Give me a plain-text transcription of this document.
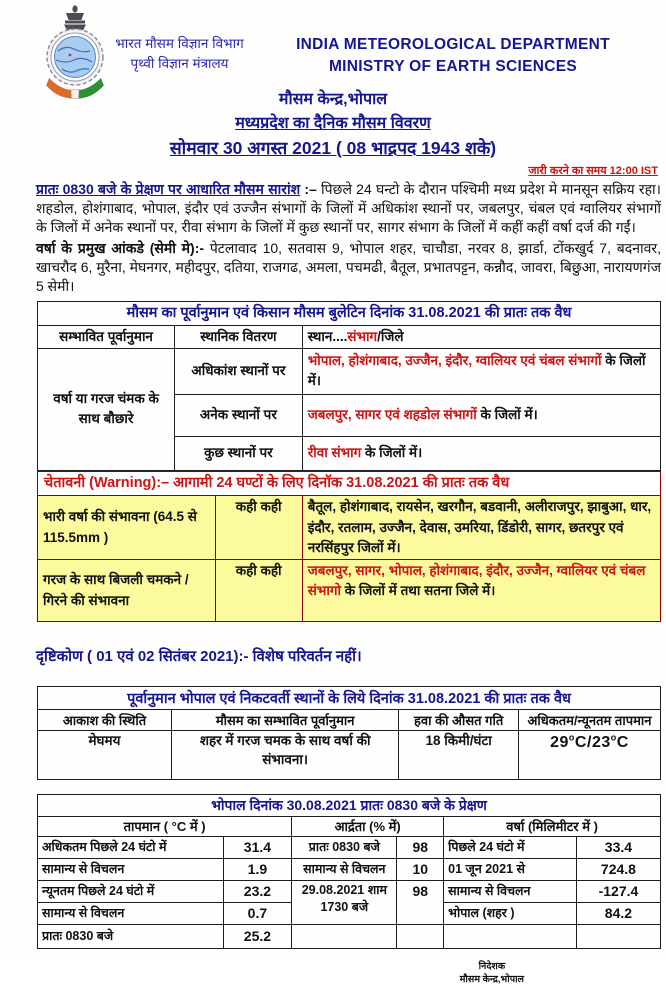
भारत मौसम विज्ञान विभाग
पृथ्वी विज्ञान मंत्रालय
INDIA METEOROLOGICAL DEPARTMENT
MINISTRY OF EARTH SCIENCES
मौसम केन्द्र,भोपाल
मध्यप्रदेश का दैनिक मौसम विवरण
सोमवार 30 अगस्त 2021 ( 08 भाद्रपद 1943 शके)
जारी करने का समय 12:00 IST
प्रातः 0830 बजे के प्रेक्षण पर आधारित मौसम सारांश :– पिछले 24 घन्टो के दौरान पश्चिमी मध्य प्रदेश मे मानसून सक्रिय रहा। शहडोल, होशंगाबाद, भोपाल, इंदौर एवं उज्जैन संभागों के जिलों में अधिकांश स्थानों पर, जबलपुर, चंबल एवं ग्वालियर संभागों के जिलों में अनेक स्थानों पर, रीवा संभाग के जिलों में कुछ स्थानों पर, सागर संभाग के जिलों में कहीं कहीं वर्षा दर्ज की गईं।
वर्षा के प्रमुख आंकडे (सेमी मे):- पेटलावाद 10, सतवास 9, भोपाल शहर, चाचौडा, नरवर 8, झार्डा, टोंकखुर्द 7, बदनावर, खाचरौद 6, मुरैना, मेघनगर, महीदपुर, दतिया, राजगढ, अमला, पचमढी, बैतूल, प्रभातपट्टन, कन्नौद, जावरा, बिछुआ, नारायणगंज 5 सेमी।
मौसम का पूर्वानुमान एवं किसान मौसम बुलेटिन दिनांक 31.08.2021 की प्रातः तक वैध		
सम्भावित पूर्वानुमान	स्थानिक वितरण	स्थान....संभाग/जिले
वर्षा या गरज चंमक के साथ बौछारे	अधिकांश स्थानों पर	भोपाल, होशंगाबाद, उज्जैन, इंदौर, ग्वालियर एवं चंबल संभागों के जिलों में।
	अनेक स्थानों पर	जबलपुर, सागर एवं शहडोल संभागों के जिलों में।
	कुछ स्थानों पर	रीवा संभाग के जिलों में।
चेतावनी (Warning):– आगामी 24 घण्टों के लिए दिनॉक 31.08.2021 की प्रातः तक वैध		
भारी वर्षा की संभावना (64.5 से 115.5mm )	कही कही	बैतूल, होशंगाबाद, रायसेन, खरगौन, बडवानी, अलीराजपुर, झाबुआ, धार, इंदौर, रतलाम, उज्जैन, देवास, उमरिया, डिंडोरी, सागर, छतरपुर एवं नरसिंहपुर जिलों में।
गरज के साथ बिजली चमकने / गिरने की संभावना	कही कही	जबलपुर, सागर, भोपाल, होशंगाबाद, इंदौर, उज्जैन, ग्वालियर एवं चंबल संभागो के जिलों में तथा सतना जिले में।
दृष्टिकोण ( 01 एवं 02 सितंबर 2021):- विशेष परिवर्तन नहीं।
पूर्वानुमान भोपाल एवं निकटवर्ती स्थानों के लिये दिनांक 31.08.2021 की प्रातः तक वैध			
आकाश की स्थिति	मौसम का सम्भावित पूर्वानुमान	हवा की औसत गति	अधिकतम/न्यूनतम तापमान
मेघमय	शहर में गरज चमक के साथ वर्षा की संभावना।	18 किमी/घंटा	29$^o$C/23$^o$C
भोपाल दिनांक 30.08.2021 प्रातः 0830 बजे के प्रेक्षण					
तापमान ( °C में )		आर्द्रता (% में)		वर्षा (मिलिमीटर में )	
अधिकतम पिछले 24 घंटो में	31.4	प्रातः 0830 बजे	98	पिछले 24 घंटो में	33.4
सामान्य से विचलन	1.9	सामान्य से विचलन	10	01 जून 2021 से	724.8
न्यूनतम पिछले 24 घंटो में	23.2	29.08.2021 शाम 1730 बजे	98	सामान्य से विचलन	-127.4
सामान्य से विचलन	0.7			भोपाल (शहर )	84.2
प्रातः 0830 बजे	25.2				
निदेशक
मौसम केन्द्र,भोपाल
